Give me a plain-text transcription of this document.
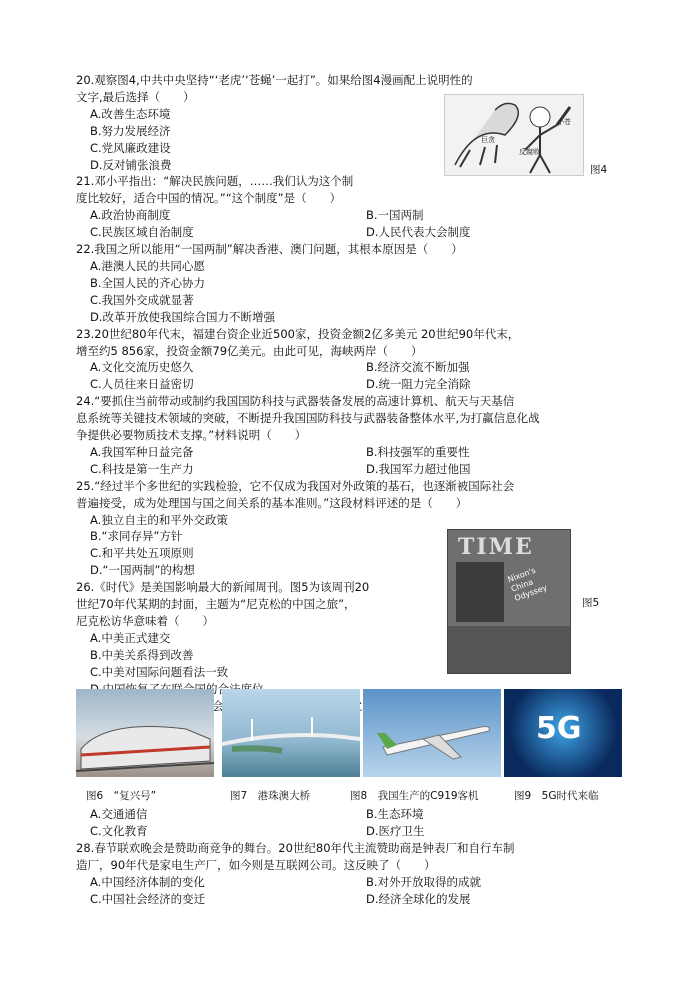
20.观察图4,中共中央坚持“‘老虎’‘苍蝇’一起打”。如果给图4漫画配上说明性的
文字,最后选择（　　）
A.改善生态环境
B.努力发展经济
C.党风廉政建设
D.反对铺张浪费
21.邓小平指出：“解决民族问题，……我们认为这个制
度比较好，适合中国的情况。”“这个制度”是（　　）
A.政治协商制度	B.一国两制
C.民族区域自治制度	D.人民代表大会制度
22.我国之所以能用“一国两制”解决香港、澳门问题，其根本原因是（　　）
A.港澳人民的共同心愿
B.全国人民的齐心协力
C.我国外交成就显著
D.改革开放使我国综合国力不断增强
23.20世纪80年代末，福建台资企业近500家，投资金额2亿多美元 20世纪90年代末，
增至约5 856家，投资金额79亿美元。由此可见，海峡两岸（　　）
A.文化交流历史悠久	B.经济交流不断加强
C.人员往来日益密切	D.统一阻力完全消除
24.“要抓住当前带动或制约我国国防科技与武器装备发展的高速计算机、航天与天基信
息系统等关键技术领域的突破，不断提升我国国防科技与武器装备整体水平,为打赢信息化战
争提供必要物质技术支撑。”材料说明（　　）
A.我国军种日益完备	B.科技强军的重要性
C.科技是第一生产力	D.我国军力超过他国
25.“经过半个多世纪的实践检验，它不仅成为我国对外政策的基石，也逐渐被国际社会
普遍接受，成为处理国与国之间关系的基本准则。”这段材料评述的是（　　）
A.独立自主的和平外交政策
B.“求同存异”方针
C.和平共处五项原则
D.“一国两制”的构想
26.《时代》是美国影响最大的新闻周刊。图5为该周刊20
世纪70年代某期的封面，主题为“尼克松的中国之旅”，
尼克松访华意味着（　　）
A.中美正式建交
B.中美关系得到改善
C.中美对国际问题看法一致
A.交通通信	B.生态环境
C.文化教育	D.医疗卫生
28.春节联欢晚会是赞助商竞争的舞台。20世纪80年代主流赞助商是钟表厂和自行车制
造厂，90年代是家电生产厂，如今则是互联网公司。这反映了（　　）
A.中国经济体制的变化	B.对外开放取得的成就
C.中国社会经济的变迁	D.经济全球化的发展
小苍
反腐败
巨贪
图4
TIME
Nixon's China Odyssey	图5
5G
图6　“复兴号”	图7　港珠澳大桥	图8　我国生产的C919客机	图9　5G时代来临
